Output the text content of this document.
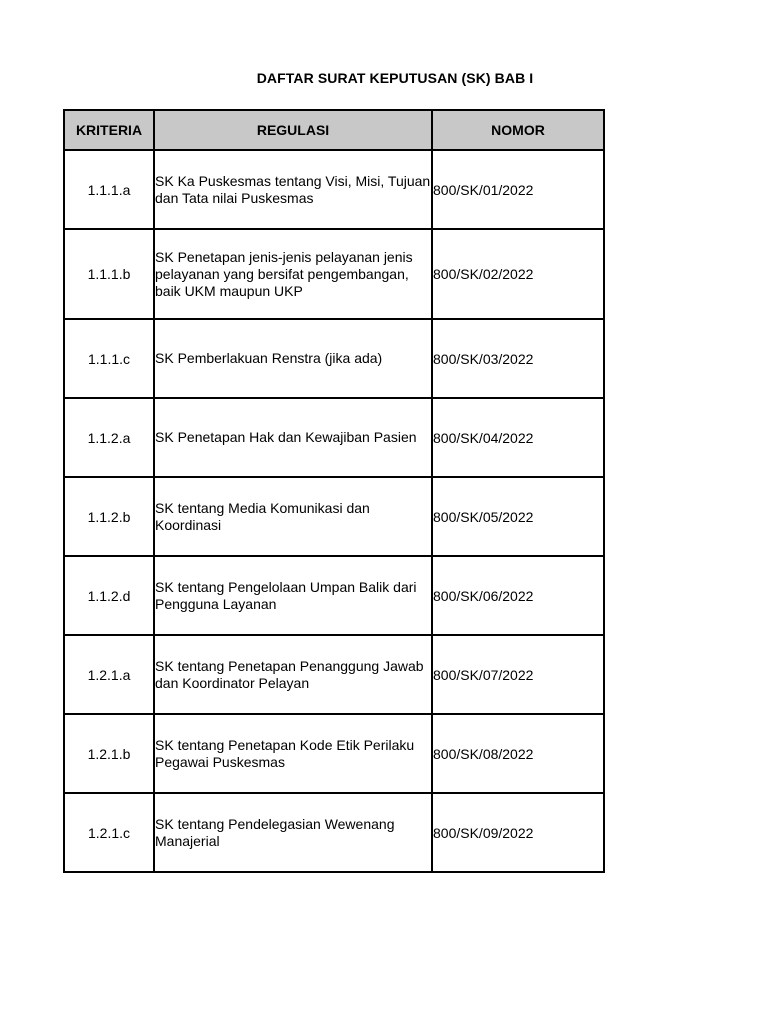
DAFTAR SURAT KEPUTUSAN (SK) BAB I
KRITERIA	REGULASI	NOMOR
1.1.1.a	SK Ka Puskesmas tentang Visi, Misi, Tujuan dan Tata nilai Puskesmas	800/SK/01/2022
1.1.1.b	SK Penetapan jenis-jenis pelayanan jenis pelayanan yang bersifat pengembangan, baik UKM maupun UKP	800/SK/02/2022
1.1.1.c	SK Pemberlakuan Renstra (jika ada)	800/SK/03/2022
1.1.2.a	SK Penetapan Hak dan Kewajiban Pasien	800/SK/04/2022
1.1.2.b	SK tentang Media Komunikasi dan Koordinasi	800/SK/05/2022
1.1.2.d	SK tentang Pengelolaan Umpan Balik dari Pengguna Layanan	800/SK/06/2022
1.2.1.a	SK tentang Penetapan Penanggung Jawab dan Koordinator Pelayan	800/SK/07/2022
1.2.1.b	SK tentang Penetapan Kode Etik Perilaku Pegawai Puskesmas	800/SK/08/2022
1.2.1.c	SK tentang Pendelegasian Wewenang Manajerial	800/SK/09/2022
